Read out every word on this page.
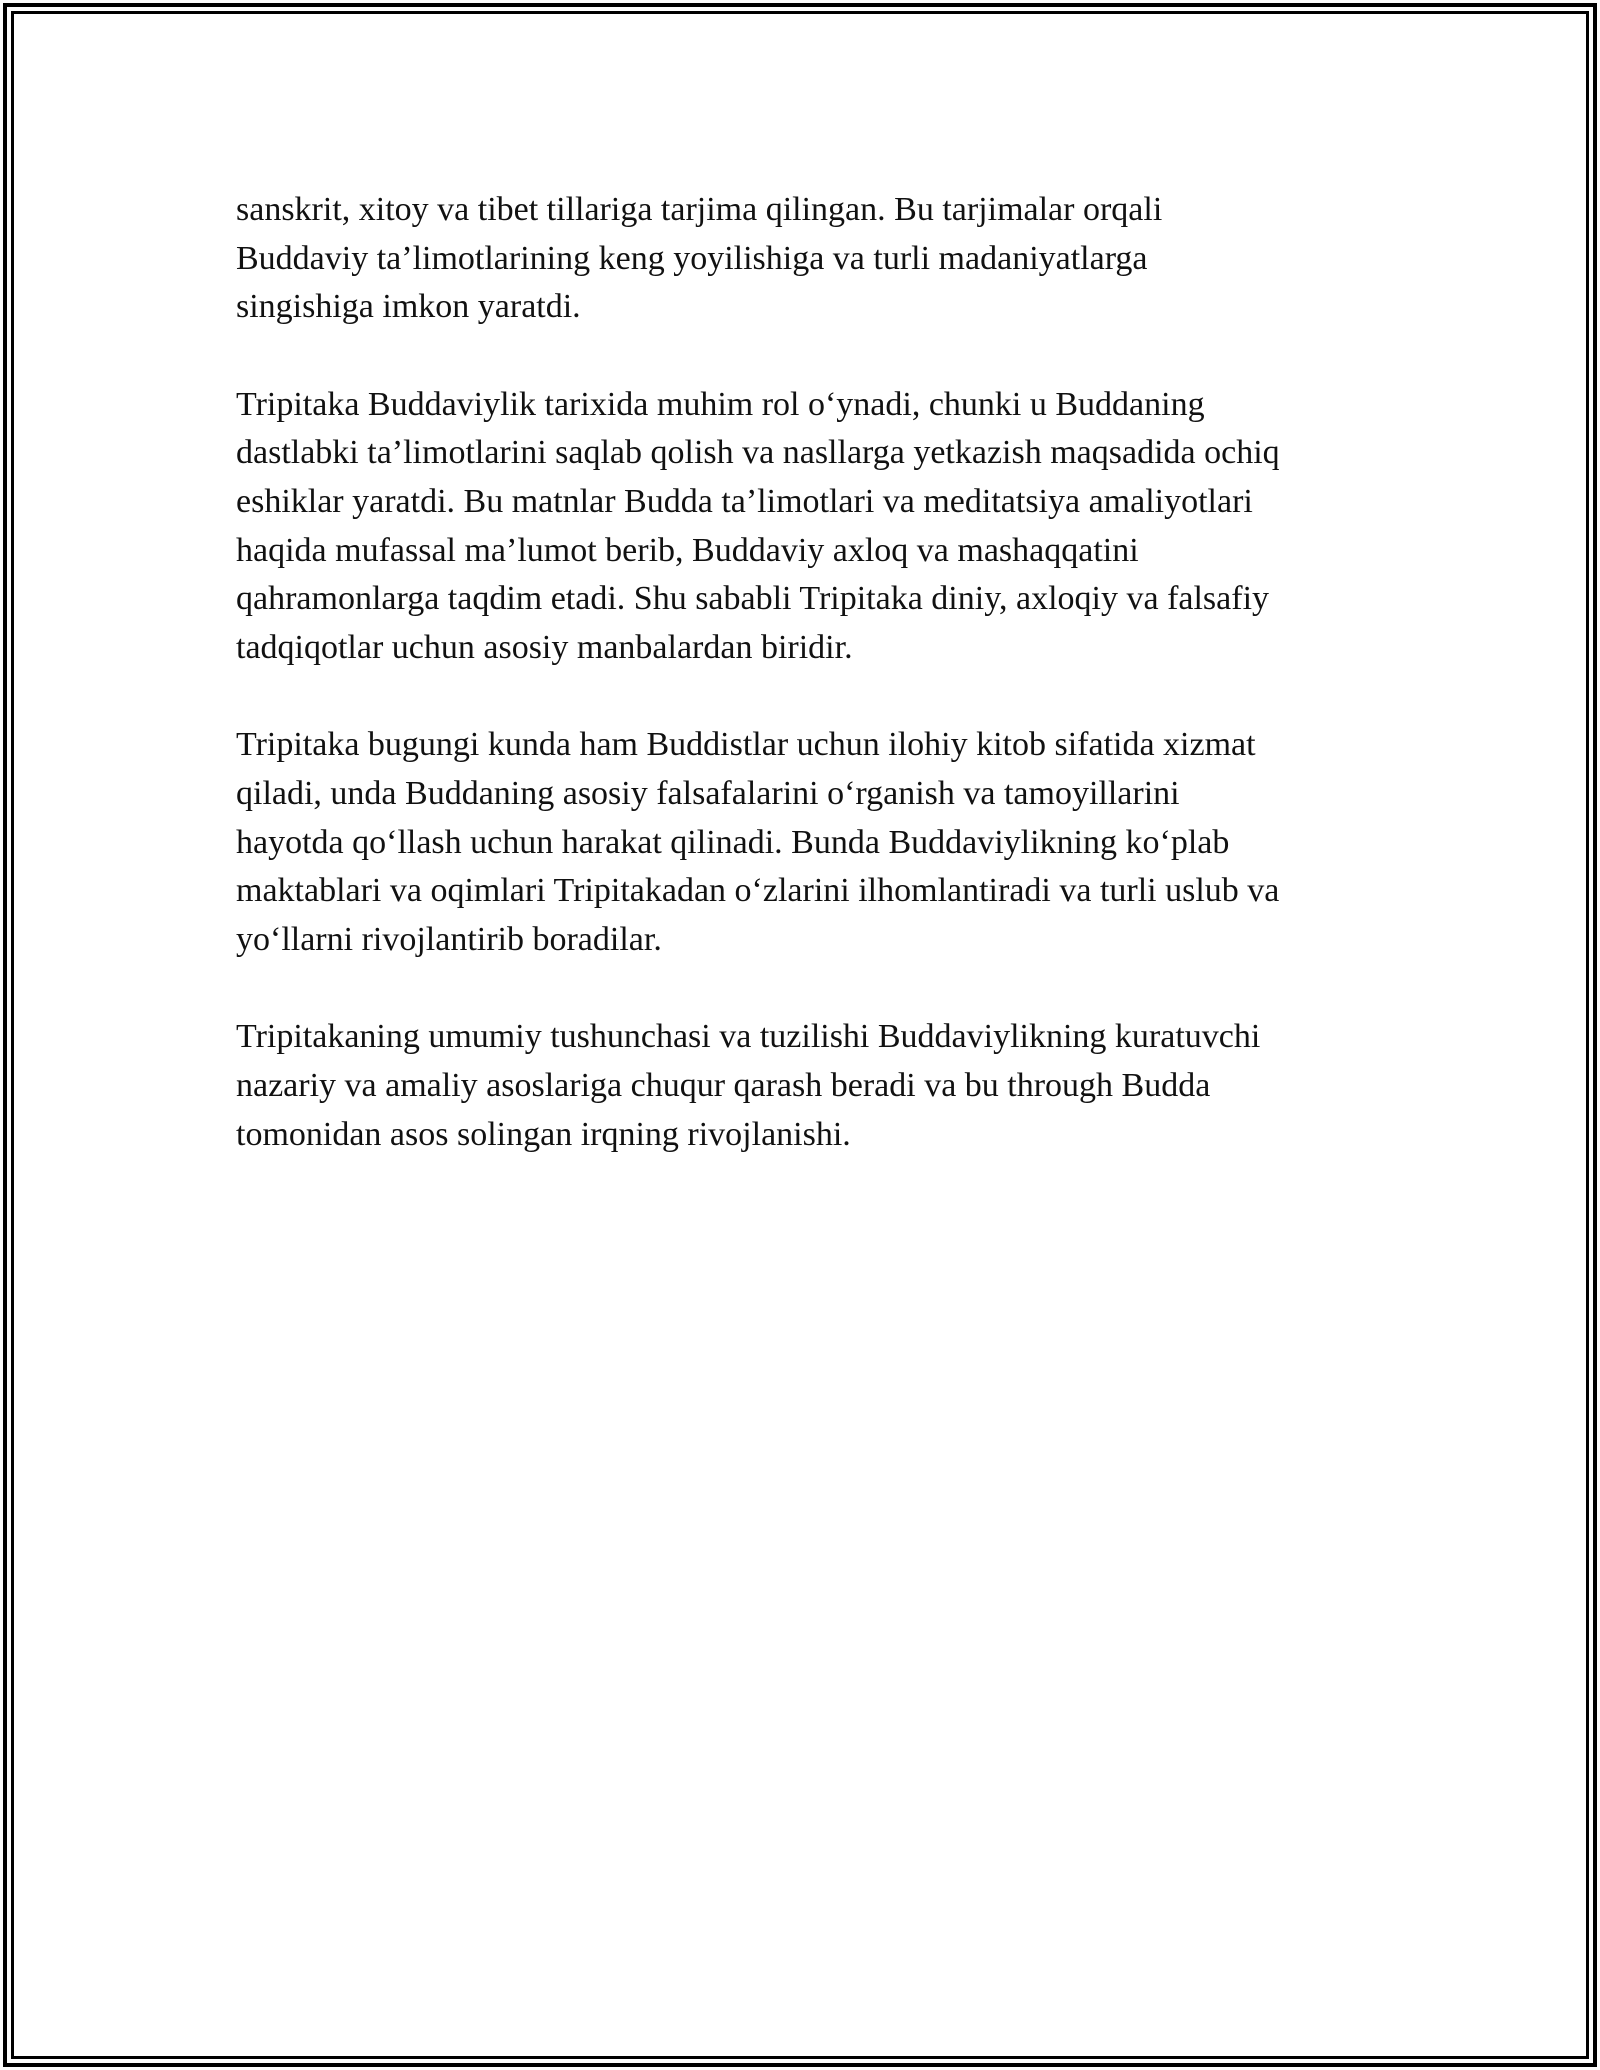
sanskrit, xitoy va tibet tillariga tarjima qilingan. Bu tarjimalar orqali
Buddaviy ta’limotlarining keng yoyilishiga va turli madaniyatlarga
singishiga imkon yaratdi.

Tripitaka Buddaviylik tarixida muhim rol o‘ynadi, chunki u Buddaning
dastlabki ta’limotlarini saqlab qolish va nasllarga yetkazish maqsadida ochiq
eshiklar yaratdi. Bu matnlar Budda ta’limotlari va meditatsiya amaliyotlari
haqida mufassal ma’lumot berib, Buddaviy axloq va mashaqqatini
qahramonlarga taqdim etadi. Shu sababli Tripitaka diniy, axloqiy va falsafiy
tadqiqotlar uchun asosiy manbalardan biridir.

Tripitaka bugungi kunda ham Buddistlar uchun ilohiy kitob sifatida xizmat
qiladi, unda Buddaning asosiy falsafalarini o‘rganish va tamoyillarini
hayotda qo‘llash uchun harakat qilinadi. Bunda Buddaviylikning ko‘plab
maktablari va oqimlari Tripitakadan o‘zlarini ilhomlantiradi va turli uslub va
yo‘llarni rivojlantirib boradilar.

Tripitakaning umumiy tushunchasi va tuzilishi Buddaviylikning kuratuvchi
nazariy va amaliy asoslariga chuqur qarash beradi va bu through Budda
tomonidan asos solingan irqning rivojlanishi.
